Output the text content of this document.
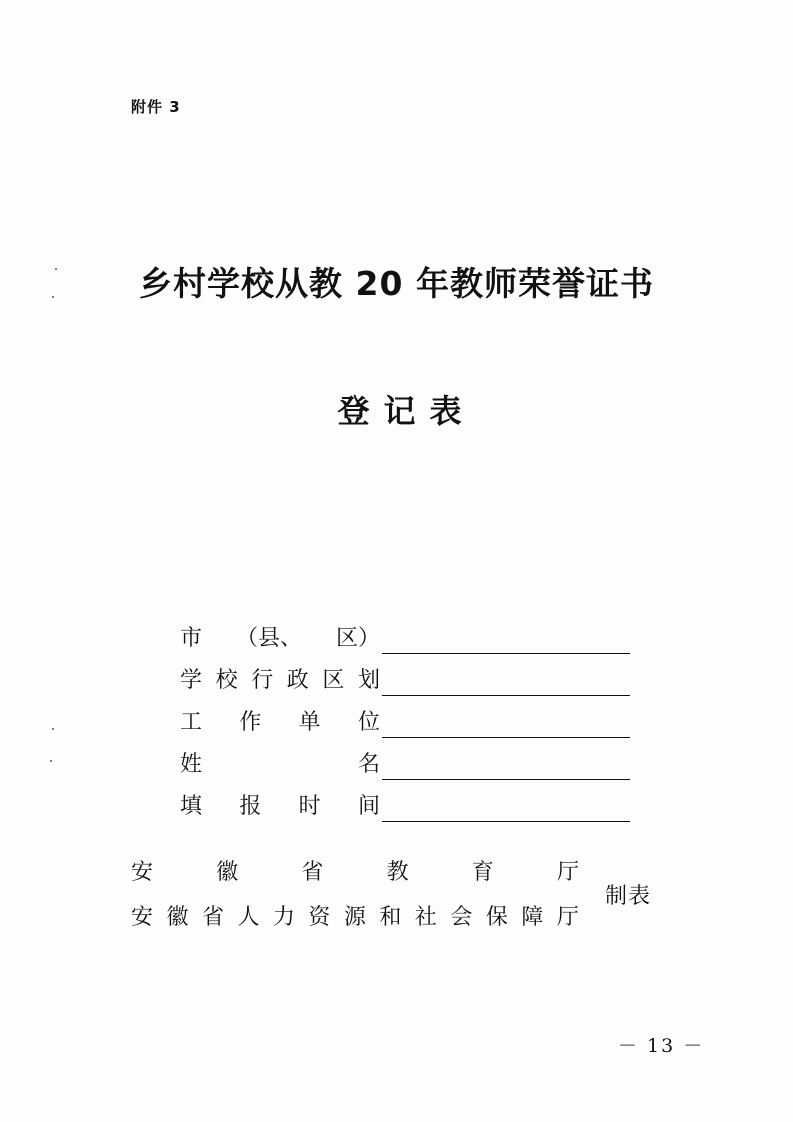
附件 3
乡村学校从教 20 年教师荣誉证书
登记表
市 （县、 区）
学 校 行 政 区 划
工 作 单 位
姓	名
填 报 时 间
安	徽	省	教	育	厅
安 徽 省 人 力 资 源 和 社 会 保 障 厅
制表
－ 13 －
